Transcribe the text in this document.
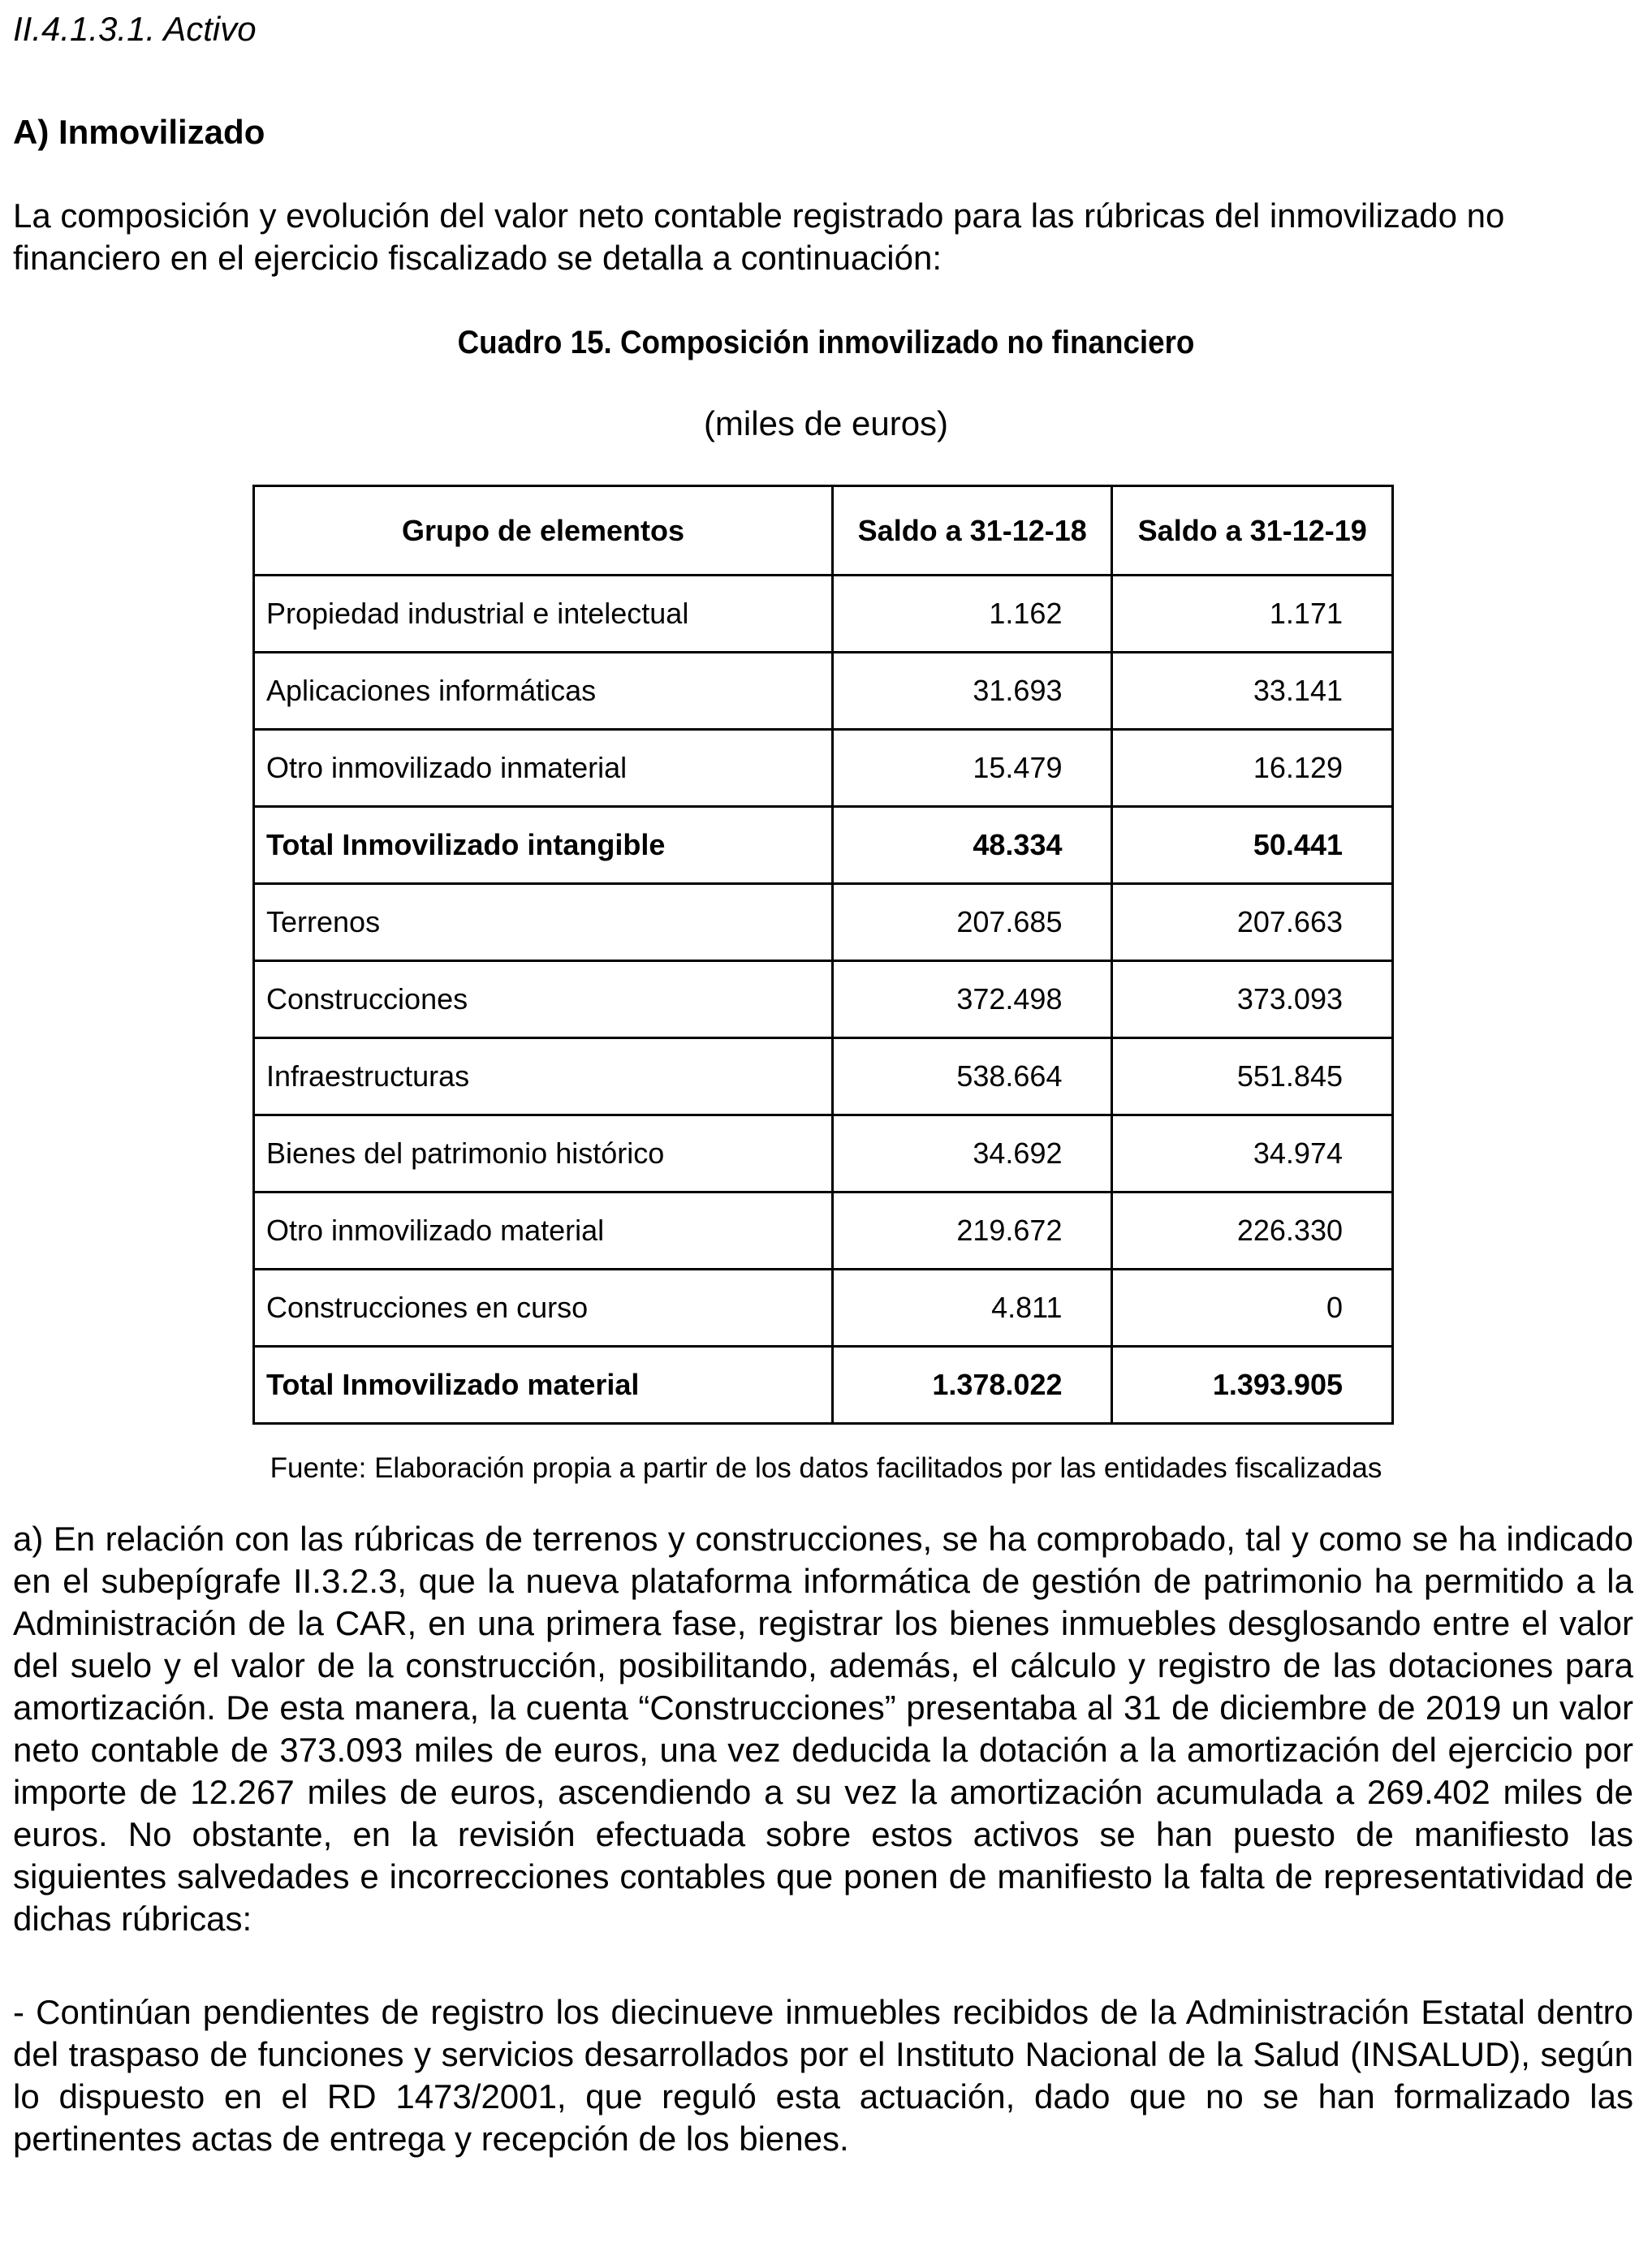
II.4.1.3.1. Activo
A) Inmovilizado

La composición y evolución del valor neto contable registrado para las rúbricas del inmovilizado no financiero en el ejercicio fiscalizado se detalla a continuación:

Cuadro 15. Composición inmovilizado no financiero
(miles de euros)
Grupo de elementos	Saldo a 31-12-18	Saldo a 31-12-19
Propiedad industrial e intelectual	1.162	1.171
Aplicaciones informáticas	31.693	33.141
Otro inmovilizado inmaterial	15.479	16.129
Total Inmovilizado intangible	48.334	50.441
Terrenos	207.685	207.663
Construcciones	372.498	373.093
Infraestructuras	538.664	551.845
Bienes del patrimonio histórico	34.692	34.974
Otro inmovilizado material	219.672	226.330
Construcciones en curso	4.811	0
Total Inmovilizado material	1.378.022	1.393.905
Fuente: Elaboración propia a partir de los datos facilitados por las entidades fiscalizadas

a) En relación con las rúbricas de terrenos y construcciones, se ha comprobado, tal y como se ha indicado en el subepígrafe II.3.2.3, que la nueva plataforma informática de gestión de patrimonio ha permitido a la Administración de la CAR, en una primera fase, registrar los bienes inmuebles desglosando entre el valor del suelo y el valor de la construcción, posibilitando, además, el cálculo y registro de las dotaciones para amortización. De esta manera, la cuenta “Construcciones” presentaba al 31 de diciembre de 2019 un valor neto contable de 373.093 miles de euros, una vez deducida la dotación a la amortización del ejercicio por importe de 12.267 miles de euros, ascendiendo a su vez la amortización acumulada a 269.402 miles de euros. No obstante, en la revisión efectuada sobre estos activos se han puesto de manifiesto las siguientes salvedades e incorrecciones contables que ponen de manifiesto la falta de representatividad de dichas rúbricas:

- Continúan pendientes de registro los diecinueve inmuebles recibidos de la Administración Estatal dentro del traspaso de funciones y servicios desarrollados por el Instituto Nacional de la Salud (INSALUD), según lo dispuesto en el RD 1473/2001, que reguló esta actuación, dado que no se han formalizado las pertinentes actas de entrega y recepción de los bienes.
